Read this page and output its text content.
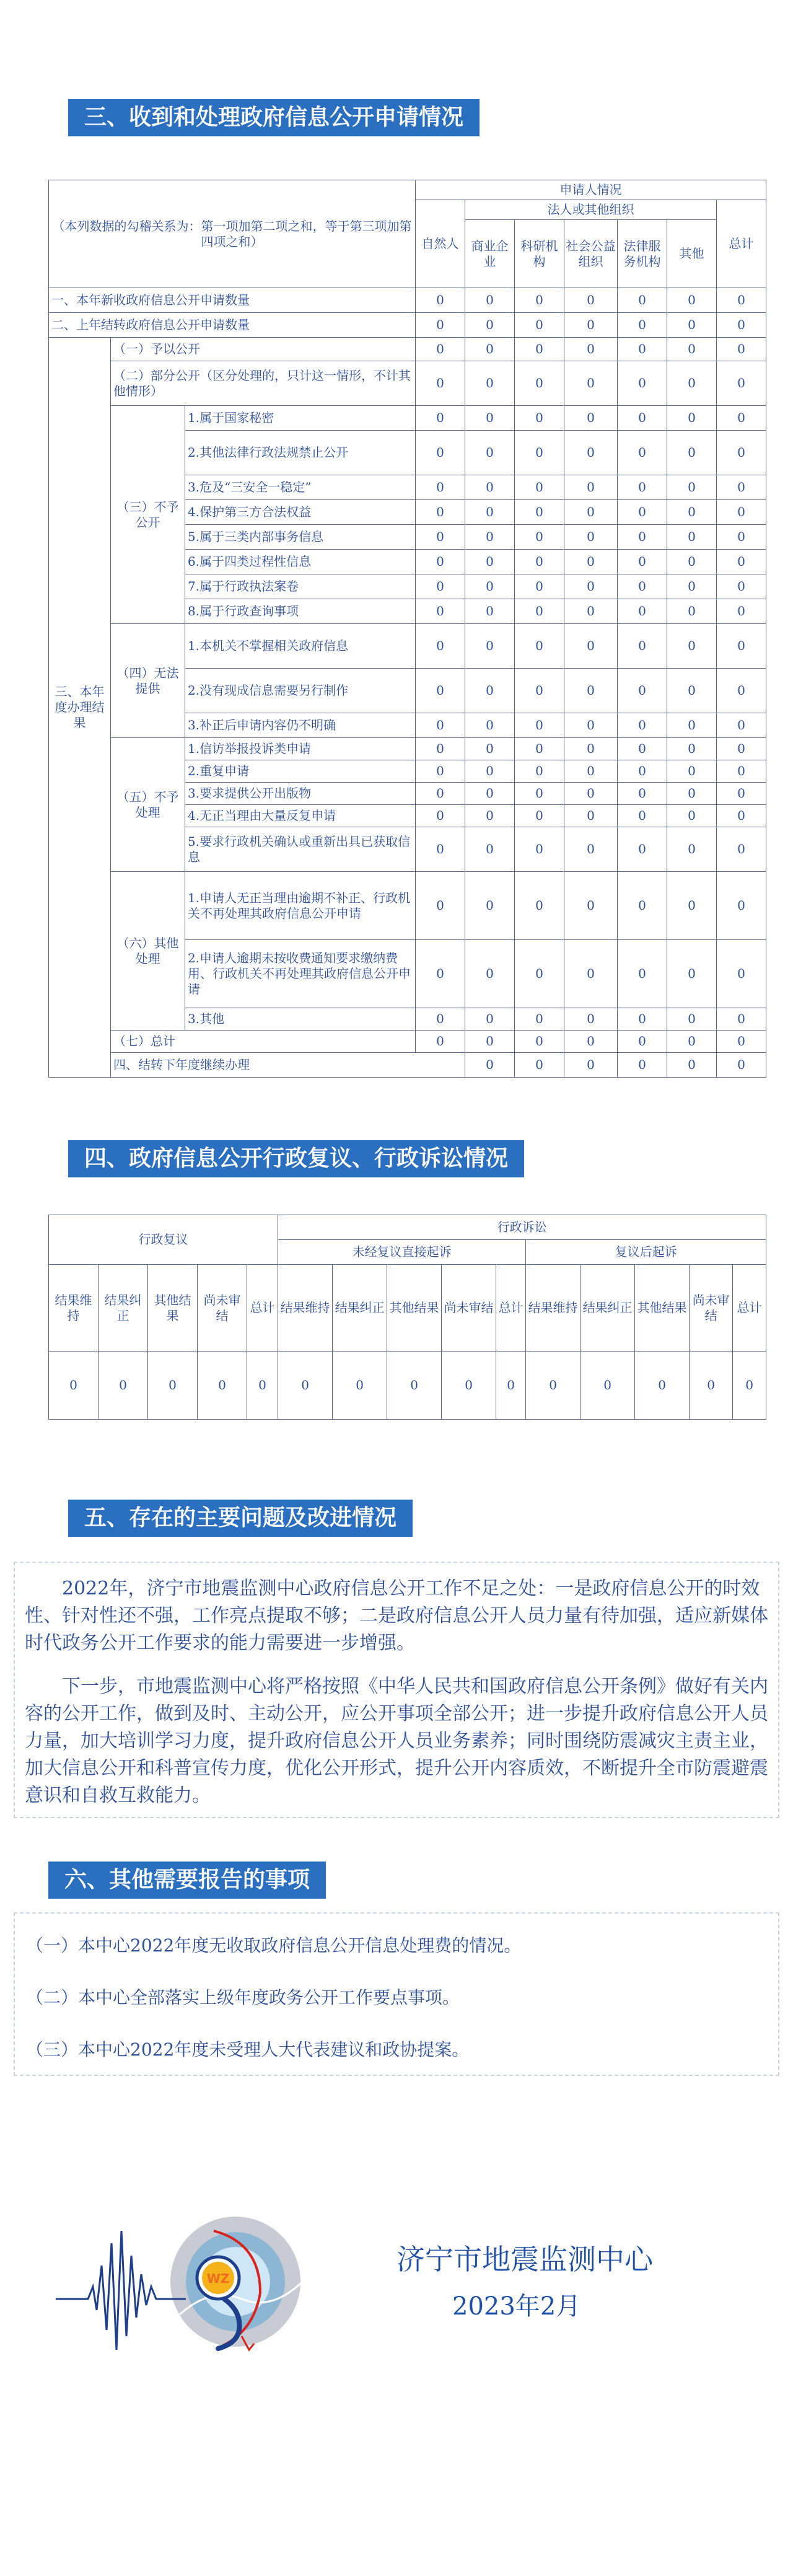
三、收到和处理政府信息公开申请情况
（本列数据的勾稽关系为：第一项加第二项之和，等于第三项加第四项之和）			申请人情况							
			自然人	法人或其他组织					总计	
				商业企业	科研机构	社会公益组织	法律服务机构	其他		
一、本年新收政府信息公开申请数量			0	0	0	0	0	0	0	
二、上年结转政府信息公开申请数量			0	0	0	0	0	0	0	
三、本年度办理结果	（一）予以公开		0	0	0	0	0	0	0	
	（二）部分公开（区分处理的，只计这一情形，不计其他情形）		0	0	0	0	0	0	0	
	（三）不予公开	1.属于国家秘密	0	0	0	0	0	0	0	
		2.其他法律行政法规禁止公开	0	0	0	0	0	0	0	
		3.危及“三安全一稳定”	0	0	0	0	0	0	0	
		4.保护第三方合法权益	0	0	0	0	0	0	0	
		5.属于三类内部事务信息	0	0	0	0	0	0	0	
		6.属于四类过程性信息	0	0	0	0	0	0	0	
		7.属于行政执法案卷	0	0	0	0	0	0	0	
		8.属于行政查询事项	0	0	0	0	0	0	0	
	（四）无法提供	1.本机关不掌握相关政府信息	0	0	0	0	0	0	0	
		2.没有现成信息需要另行制作	0	0	0	0	0	0	0	
		3.补正后申请内容仍不明确	0	0	0	0	0	0	0	
	（五）不予处理	1.信访举报投诉类申请	0	0	0	0	0	0	0	
		2.重复申请	0	0	0	0	0	0	0	
		3.要求提供公开出版物	0	0	0	0	0	0	0	
		4.无正当理由大量反复申请	0	0	0	0	0	0	0	
		5.要求行政机关确认或重新出具已获取信息	0	0	0	0	0	0	0	
	（六）其他处理	1.申请人无正当理由逾期不补正、行政机关不再处理其政府信息公开申请	0	0	0	0	0	0	0	
		2.申请人逾期未按收费通知要求缴纳费用、行政机关不再处理其政府信息公开申请	0	0	0	0	0	0	0	
		3.其他	0	0	0	0	0	0	0	
	（七）总计		0	0	0	0	0	0	0	
	四、结转下年度继续办理			0	0	0	0	0	0	
四、政府信息公开行政复议、行政诉讼情况
行政复议					行政诉讼									
					未经复议直接起诉					复议后起诉				
结果维持	结果纠正	其他结果	尚未审结	总计	结果维持	结果纠正	其他结果	尚未审结	总计	结果维持	结果纠正	其他结果	尚未审结	总计
0	0	0	0	0	0	0	0	0	0	0	0	0	0	0
五、存在的主要问题及改进情况

2022年，济宁市地震监测中心政府信息公开工作不足之处：一是政府信息公开的时效性、针对性还不强，工作亮点提取不够；二是政府信息公开人员力量有待加强，适应新媒体时代政务公开工作要求的能力需要进一步增强。

下一步，市地震监测中心将严格按照《中华人民共和国政府信息公开条例》做好有关内容的公开工作，做到及时、主动公开，应公开事项全部公开；进一步提升政府信息公开人员力量，加大培训学习力度，提升政府信息公开人员业务素养；同时围绕防震减灾主责主业，加大信息公开和科普宣传力度，优化公开形式，提升公开内容质效，不断提升全市防震避震意识和自救互救能力。

六、其他需要报告的事项
（一）本中心2022年度无收取政府信息公开信息处理费的情况。
（二）本中心全部落实上级年度政务公开工作要点事项。
（三）本中心2022年度未受理人大代表建议和政协提案。
WZ
济宁市地震监测中心
2023年2月
